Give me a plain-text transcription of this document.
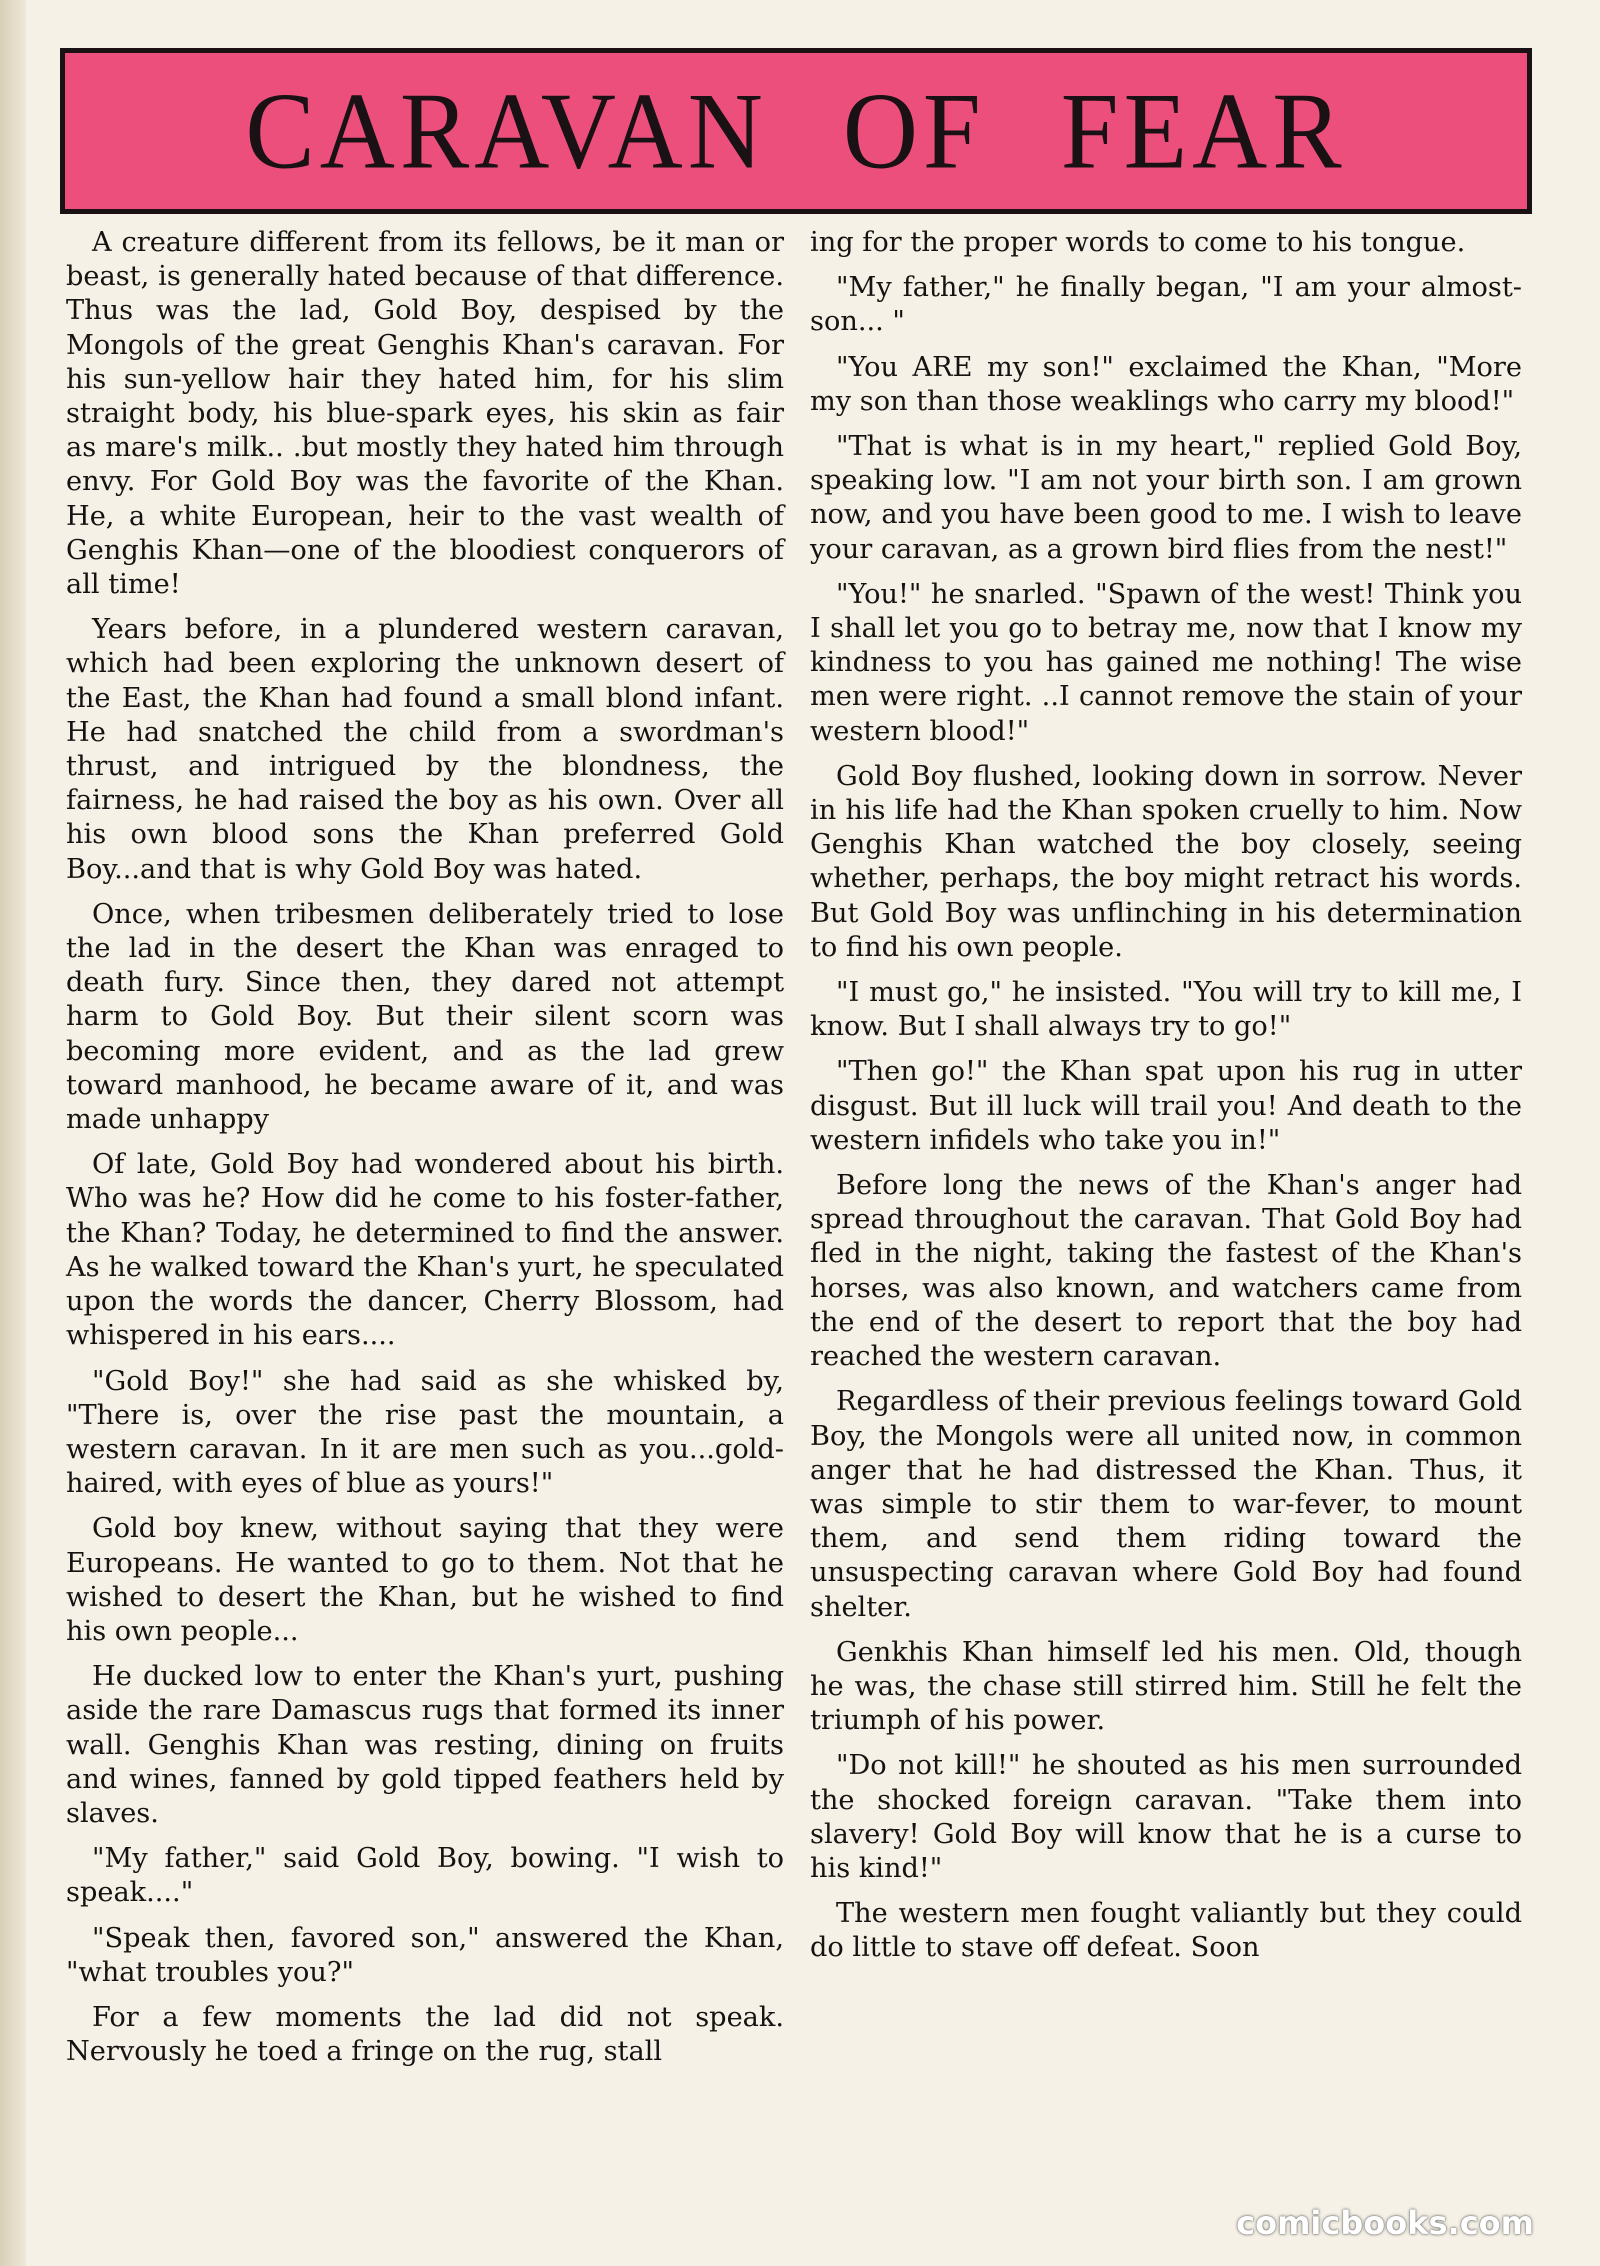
CARAVAN OF FEAR

A creature different from its fellows, be it man or beast, is generally hated because of that difference. Thus was the lad, Gold Boy, despised by the Mongols of the great Genghis Khan's caravan. For his sun-yellow hair they hated him, for his slim straight body, his blue-spark eyes, his skin as fair as mare's milk.. .but mostly they hated him through envy. For Gold Boy was the favorite of the Khan. He, a white European, heir to the vast wealth of Genghis Khan—one of the bloodiest conquerors of all time!

Years before, in a plundered western caravan, which had been exploring the unknown desert of the East, the Khan had found a small blond infant. He had snatched the child from a swordman's thrust, and intrigued by the blondness, the fairness, he had raised the boy as his own. Over all his own blood sons the Khan preferred Gold Boy...and that is why Gold Boy was hated.

Once, when tribesmen deliberately tried to lose the lad in the desert the Khan was enraged to death fury. Since then, they dared not attempt harm to Gold Boy. But their silent scorn was becoming more evident, and as the lad grew toward manhood, he became aware of it, and was made unhappy

Of late, Gold Boy had wondered about his birth. Who was he? How did he come to his foster-father, the Khan? Today, he determined to find the answer. As he walked toward the Khan's yurt, he speculated upon the words the dancer, Cherry Blossom, had whispered in his ears....

"Gold Boy!" she had said as she whisked by, "There is, over the rise past the mountain, a western caravan. In it are men such as you...gold-haired, with eyes of blue as yours!"

Gold boy knew, without saying that they were Europeans. He wanted to go to them. Not that he wished to desert the Khan, but he wished to find his own people...

He ducked low to enter the Khan's yurt, pushing aside the rare Damascus rugs that formed its inner wall. Genghis Khan was resting, dining on fruits and wines, fanned by gold tipped feathers held by slaves.

"My father," said Gold Boy, bowing. "I wish to speak...."

"Speak then, favored son," answered the Khan, "what troubles you?"

For a few moments the lad did not speak. Nervously he toed a fringe on the rug, stall

ing for the proper words to come to his tongue.

"My father," he finally began, "I am your almost-son... "

"You ARE my son!" exclaimed the Khan, "More my son than those weaklings who carry my blood!"

"That is what is in my heart," replied Gold Boy, speaking low. "I am not your birth son. I am grown now, and you have been good to me. I wish to leave your caravan, as a grown bird flies from the nest!"

"You!" he snarled. "Spawn of the west! Think you I shall let you go to betray me, now that I know my kindness to you has gained me nothing! The wise men were right. ..I cannot remove the stain of your western blood!"

Gold Boy flushed, looking down in sorrow. Never in his life had the Khan spoken cruelly to him. Now Genghis Khan watched the boy closely, seeing whether, perhaps, the boy might retract his words. But Gold Boy was unflinching in his determination to find his own people.

"I must go," he insisted. "You will try to kill me, I know. But I shall always try to go!"

"Then go!" the Khan spat upon his rug in utter disgust. But ill luck will trail you! And death to the western infidels who take you in!"

Before long the news of the Khan's anger had spread throughout the caravan. That Gold Boy had fled in the night, taking the fastest of the Khan's horses, was also known, and watchers came from the end of the desert to report that the boy had reached the western caravan.

Regardless of their previous feelings toward Gold Boy, the Mongols were all united now, in common anger that he had distressed the Khan. Thus, it was simple to stir them to war-fever, to mount them, and send them riding toward the unsuspecting caravan where Gold Boy had found shelter.

Genkhis Khan himself led his men. Old, though he was, the chase still stirred him. Still he felt the triumph of his power.

"Do not kill!" he shouted as his men surrounded the shocked foreign caravan. "Take them into slavery! Gold Boy will know that he is a curse to his kind!"

The western men fought valiantly but they could do little to stave off defeat. Soon

comicbooks.com
